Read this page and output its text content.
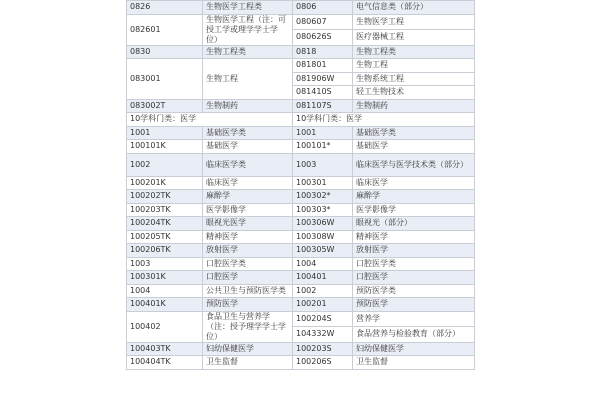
0826	生物医学工程类	0806	电气信息类（部分）
082601	生物医学工程（注：可授工学或理学学士学位）	080607	生物医学工程
		080626S	医疗器械工程
0830	生物工程类	0818	生物工程类
083001	生物工程	081801	生物工程
		081906W	生物系统工程
		081410S	轻工生物技术
083002T	生物制药	081107S	生物制药
10学科门类：医学		10学科门类：医学	
1001	基础医学类	1001	基础医学类
100101K	基础医学	100101*	基础医学
1002	临床医学类	1003	临床医学与医学技术类（部分）
100201K	临床医学	100301	临床医学
100202TK	麻醉学	100302*	麻醉学
100203TK	医学影像学	100303*	医学影像学
100204TK	眼视光医学	100306W	眼视光（部分）
100205TK	精神医学	100308W	精神医学
100206TK	放射医学	100305W	放射医学
1003	口腔医学类	1004	口腔医学类
100301K	口腔医学	100401	口腔医学
1004	公共卫生与预防医学类	1002	预防医学类
100401K	预防医学	100201	预防医学
100402	食品卫生与营养学（注：授予理学学士学位）	100204S	营养学
		104332W	食品营养与检验教育（部分）
100403TK	妇幼保健医学	100203S	妇幼保健医学
100404TK	卫生监督	100206S	卫生监督
